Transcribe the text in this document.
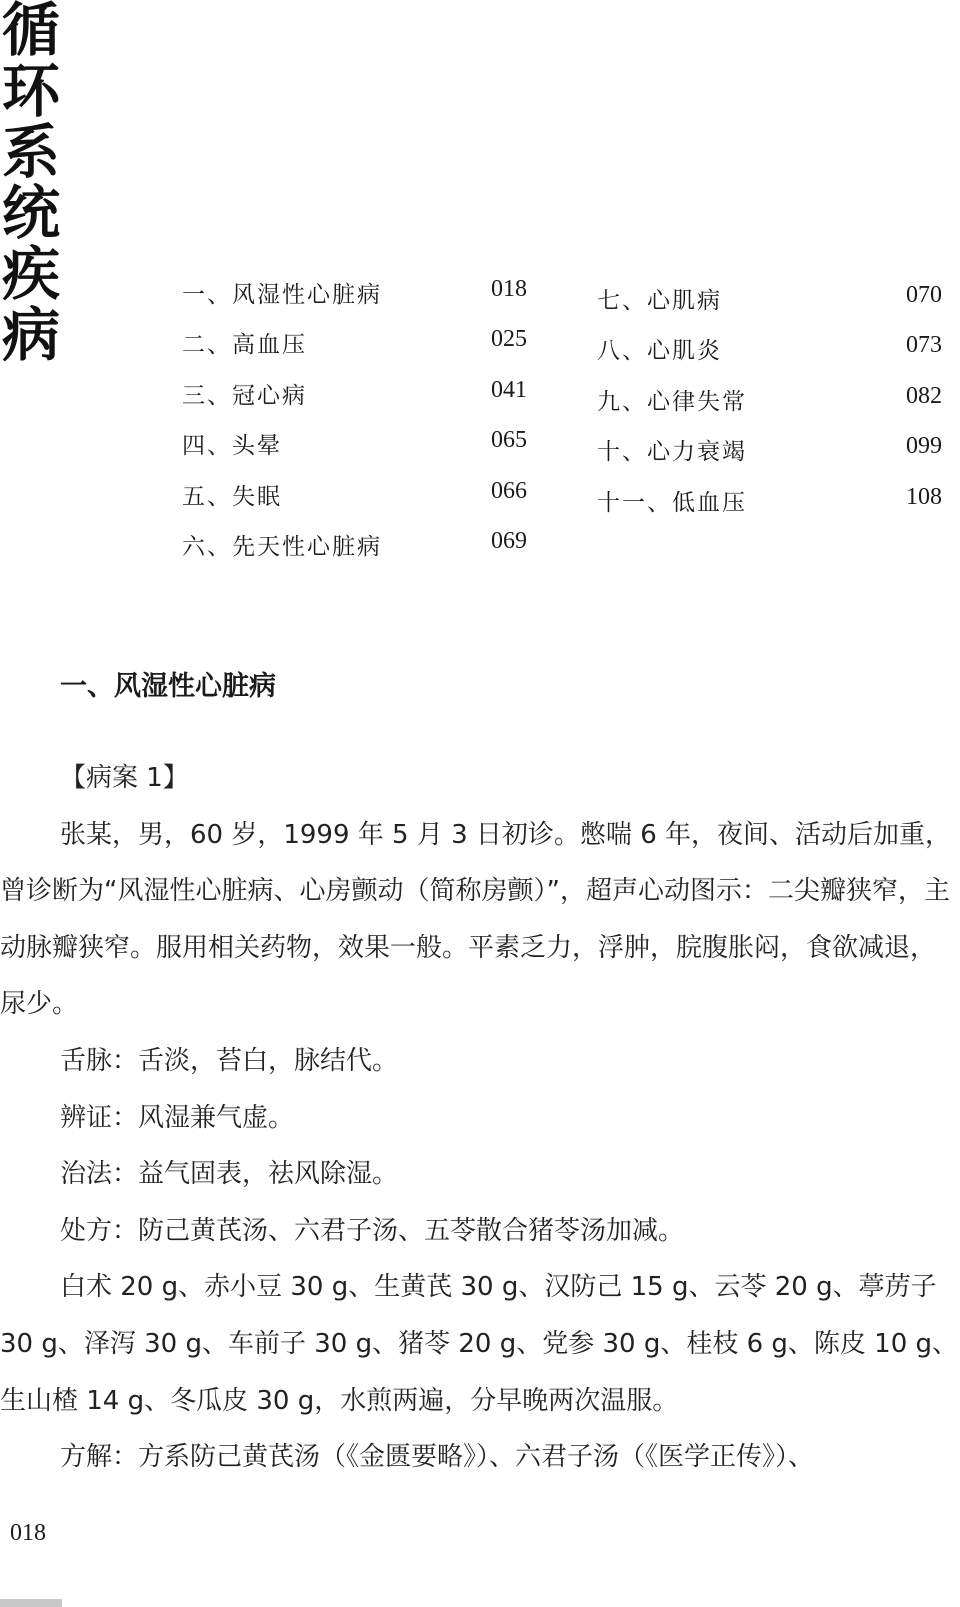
循
环
系
统
疾
病
一、风湿性心脏病	018
二、高血压	025
三、冠心病	041
四、头晕	065
五、失眠	066
六、先天性心脏病	069
七、心肌病	070
八、心肌炎	073
九、心律失常	082
十、心力衰竭	099
十一、低血压	108
一、风湿性心脏病

【病案 1】

张某，男，60 岁，1999 年 5 月 3 日初诊。憋喘 6 年，夜间、活动后加重，曾诊断为“风湿性心脏病、心房颤动（简称房颤）”，超声心动图示：二尖瓣狭窄，主动脉瓣狭窄。服用相关药物，效果一般。平素乏力，浮肿，脘腹胀闷，食欲减退，尿少。

舌脉：舌淡，苔白，脉结代。

辨证：风湿兼气虚。

治法：益气固表，祛风除湿。

处方：防己黄芪汤、六君子汤、五苓散合猪苓汤加减。

白术 20 g、赤小豆 30 g、生黄芪 30 g、汉防己 15 g、云苓 20 g、葶苈子 30 g、泽泻 30 g、车前子 30 g、猪苓 20 g、党参 30 g、桂枝 6 g、陈皮 10 g、生山楂 14 g、冬瓜皮 30 g，水煎两遍，分早晚两次温服。

方解：方系防己黄芪汤（《金匮要略》）、六君子汤（《医学正传》）、

018
